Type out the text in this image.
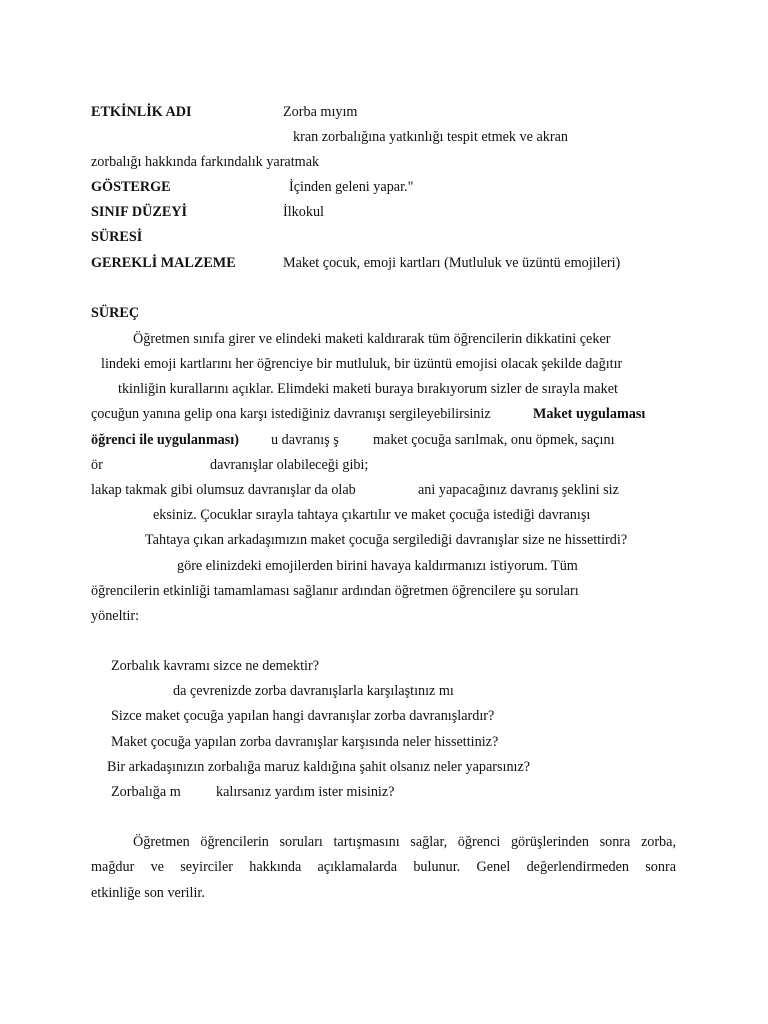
ETKİNLİK ADI	Zorba mıyım
kran zorbalığına yatkınlığı tespit etmek ve akran
zorbalığı hakkında farkındalık yaratmak
GÖSTERGE	İçinden geleni yapar."
SINIF DÜZEYİ	İlkokul
SÜRESİ
GEREKLİ MALZEME	Maket çocuk, emoji kartları (Mutluluk ve üzüntü emojileri)
SÜREÇ
Öğretmen sınıfa girer ve elindeki maketi kaldırarak tüm öğrencilerin dikkatini çeker
lindeki emoji kartlarını her öğrenciye bir mutluluk, bir üzüntü emojisi olacak şekilde dağıtır
tkinliğin kurallarını açıklar. Elimdeki maketi buraya bırakıyorum sizler de sırayla maket
çocuğun yanına gelip ona karşı istediğiniz davranışı sergileyebilirsiniz	Maket uygulaması
öğrenci ile uygulanması) u davranış ş maket çocuğa sarılmak, onu öpmek, saçını
ör	davranışlar olabileceği gibi;
lakap takmak gibi olumsuz davranışlar da olab	ani yapacağınız davranış şeklini siz
eksiniz. Çocuklar sırayla tahtaya çıkartılır ve maket çocuğa istediği davranışı
Tahtaya çıkan arkadaşımızın maket çocuğa sergilediği davranışlar size ne hissettirdi?
göre elinizdeki emojilerden birini havaya kaldırmanızı istiyorum. Tüm
öğrencilerin etkinliği tamamlaması sağlanır ardından öğretmen öğrencilere şu soruları
yöneltir:
Zorbalık kavramı sizce ne demektir?
da çevrenizde zorba davranışlarla karşılaştınız mı
Sizce maket çocuğa yapılan hangi davranışlar zorba davranışlardır?
Maket çocuğa yapılan zorba davranışlar karşısında neler hissettiniz?
Bir arkadaşınızın zorbalığa maruz kaldığına şahit olsanız neler yaparsınız?
Zorbalığa m kalırsanız yardım ister misiniz?
Öğretmen öğrencilerin soruları tartışmasını sağlar, öğrenci görüşlerinden sonra zorba,
mağdur ve seyirciler hakkında açıklamalarda bulunur. Genel değerlendirmeden sonra
etkinliğe son verilir.
